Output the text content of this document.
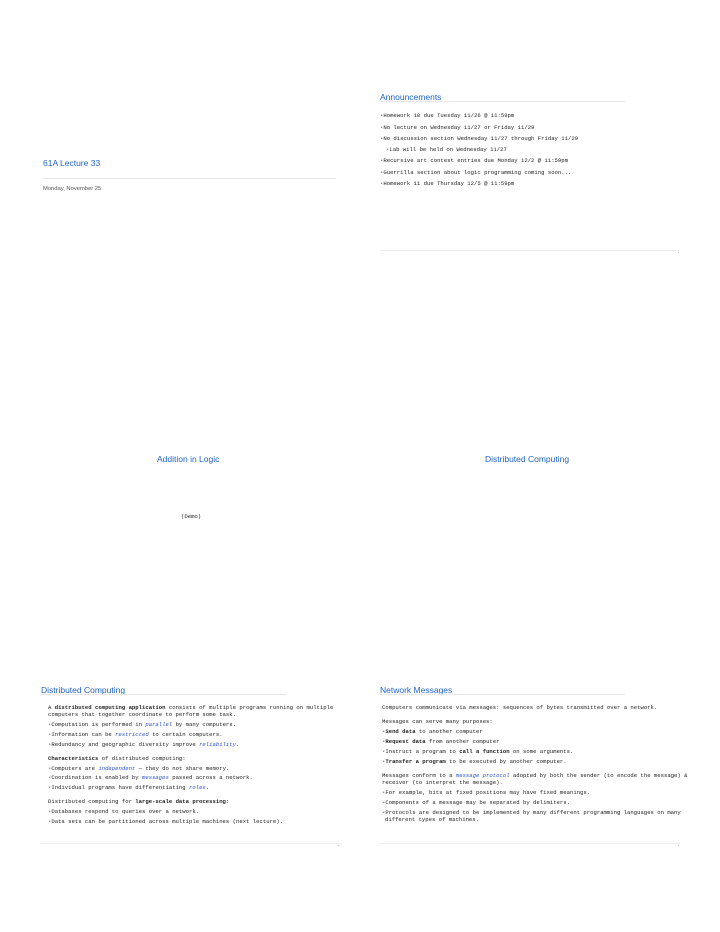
61A Lecture 33
Monday, November 25
Announcements
•Homework 10 due Tuesday 11/26 @ 11:59pm
•No lecture on Wednesday 11/27 or Friday 11/29
•No discussion section Wednesday 11/27 through Friday 11/29
•Lab will be held on Wednesday 11/27
•Recursive art contest entries due Monday 12/2 @ 11:59pm
•Guerrilla section about logic programming coming soon...
•Homework 11 due Thursday 12/5 @ 11:59pm
Addition in Logic
(Demo)
Distributed Computing
Distributed Computing
A distributed computing application consists of multiple programs running on multiple
computers that together coordinate to perform some task.
•Computation is performed in parallel by many computers.
•Information can be restricted to certain computers.
•Redundancy and geographic diversity improve reliability.
Characteristics of distributed computing:
•Computers are independent — they do not share memory.
•Coordination is enabled by messages passed across a network.
•Individual programs have differentiating roles.
Distributed computing for large-scale data processing:
•Databases respond to queries over a network.
•Data sets can be partitioned across multiple machines (next lecture).
Network Messages
Computers communicate via messages: sequences of bytes transmitted over a network.
Messages can serve many purposes:
•Send data to another computer
•Request data from another computer
•Instruct a program to call a function on some arguments.
•Transfer a program to be executed by another computer.
Messages conform to a message protocol adopted by both the sender (to encode the message) &
receiver (to interpret the message).
•For example, bits at fixed positions may have fixed meanings.
•Components of a message may be separated by delimiters.
•Protocols are designed to be implemented by many different programming languages on many
different types of machines.
